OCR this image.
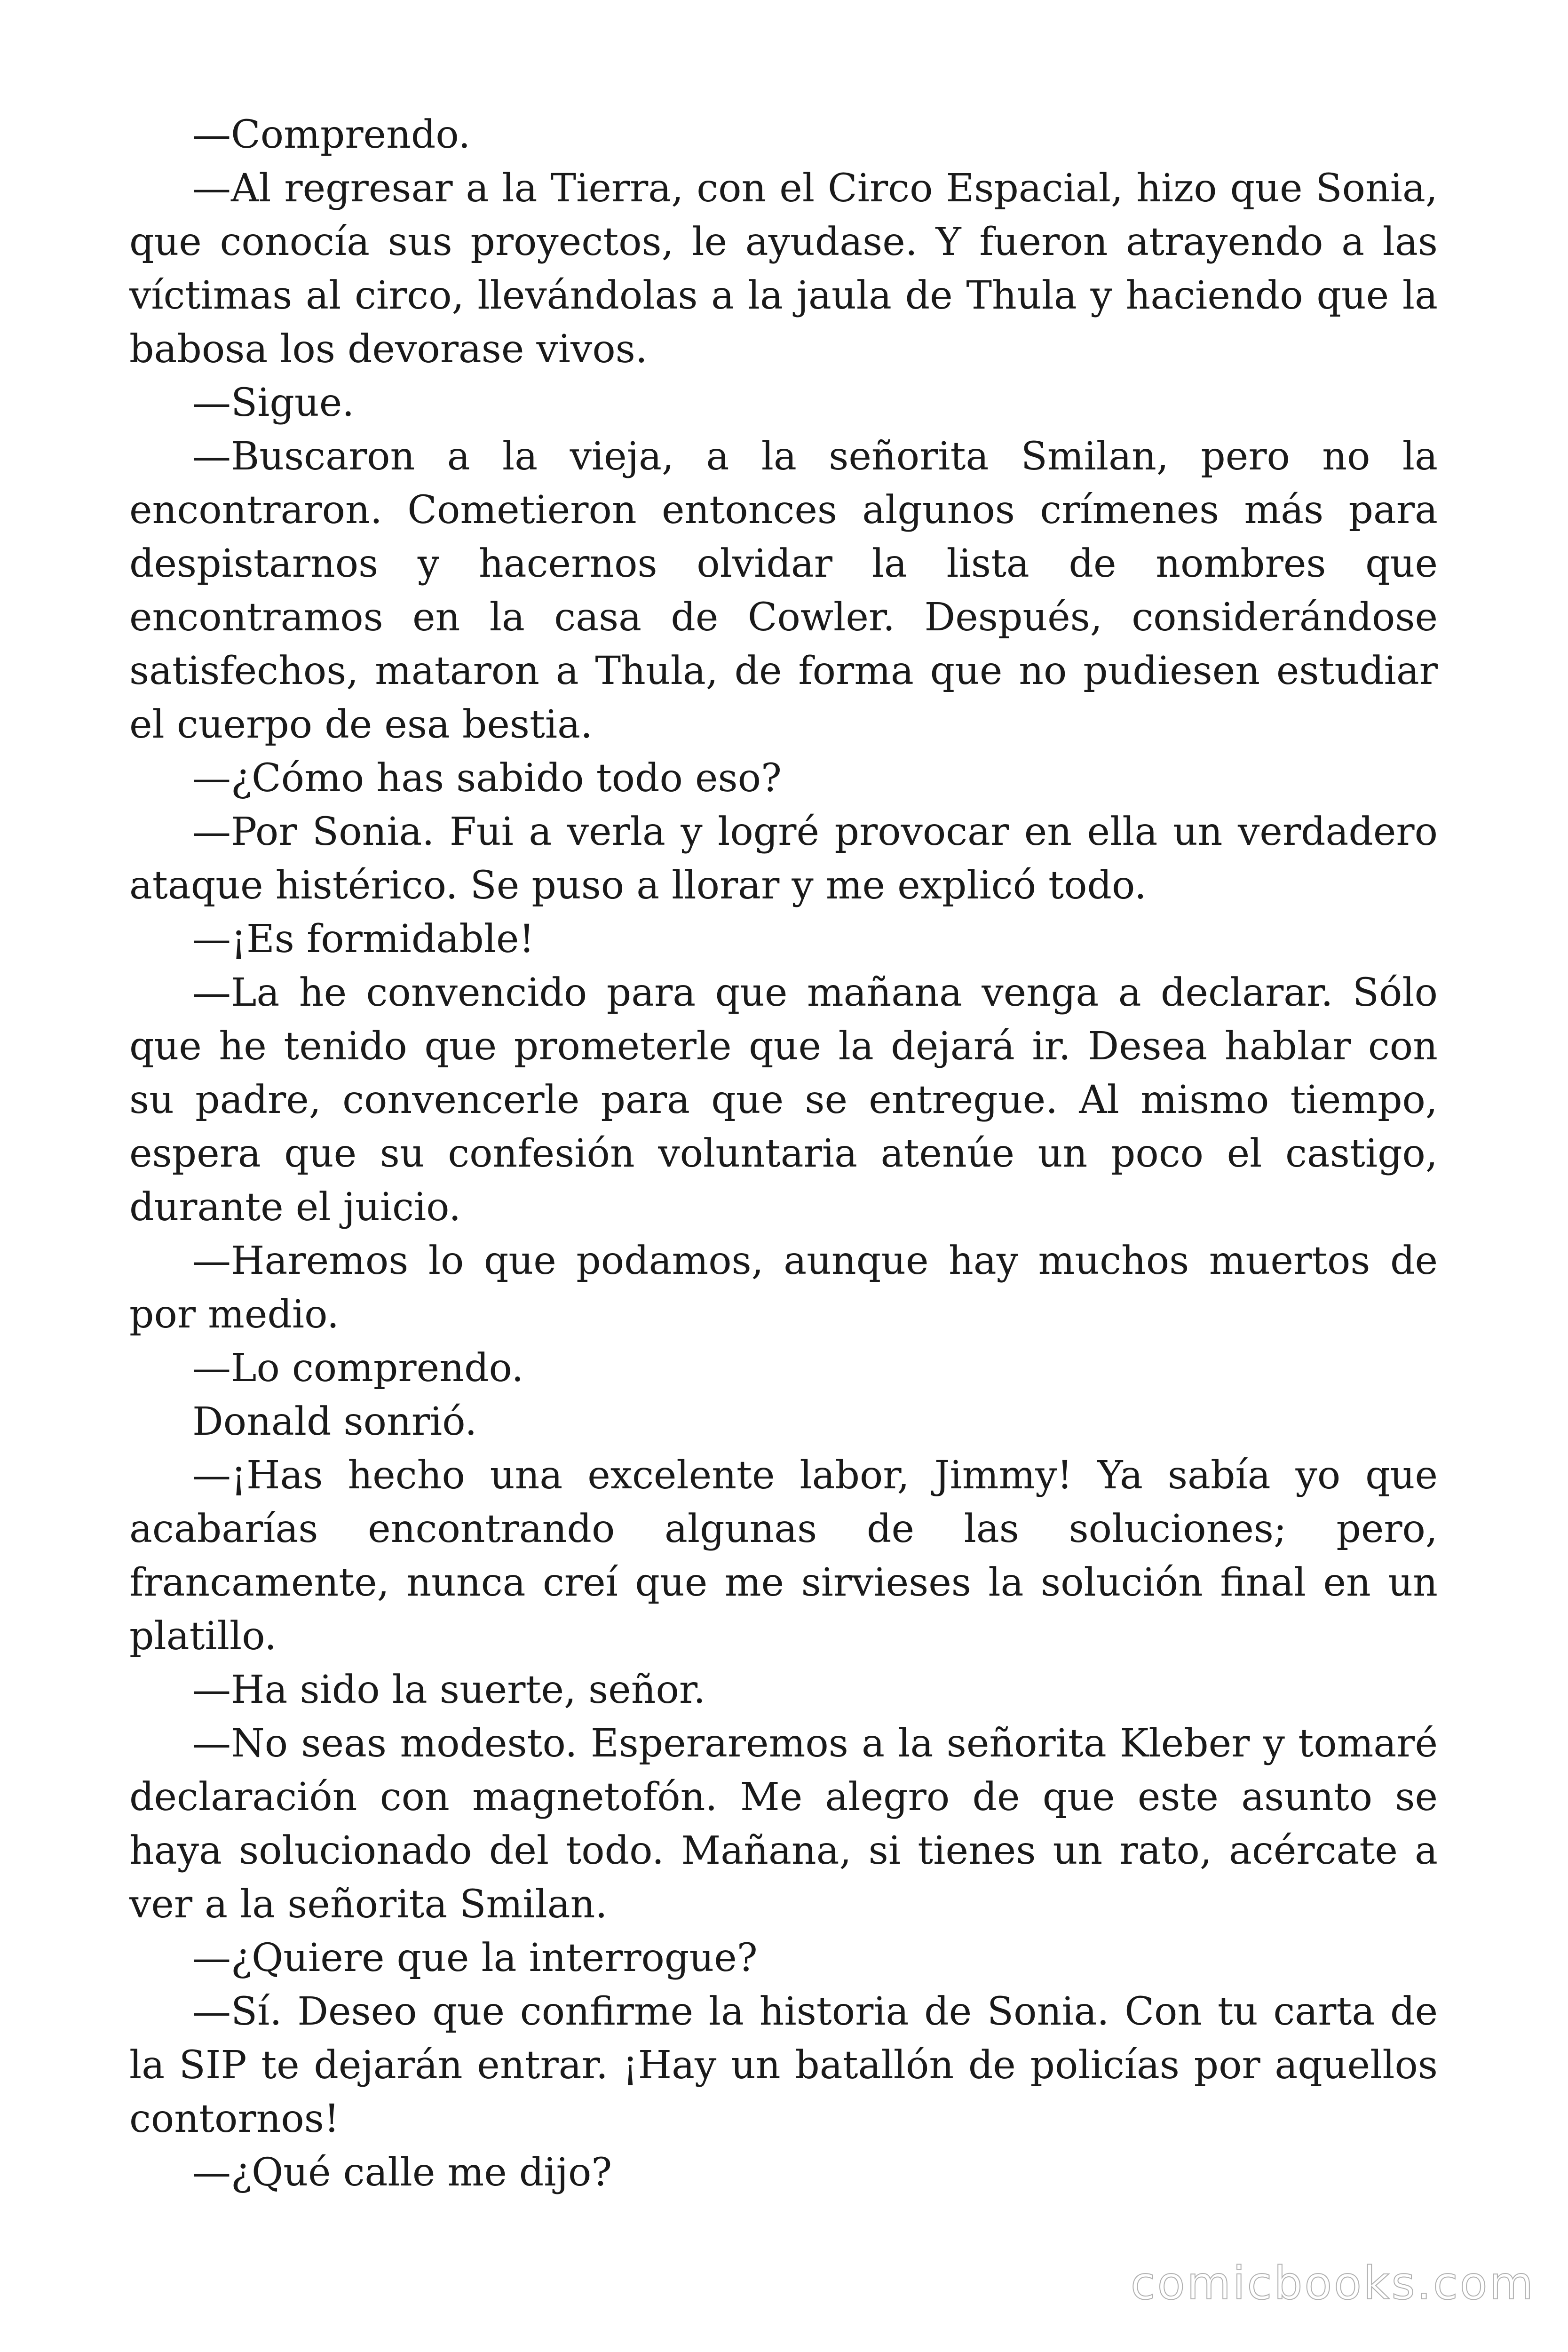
—Comprendo.

—Al regresar a la Tierra, con el Circo Espacial, hizo que Sonia, que conocía sus proyectos, le ayudase. Y fueron atrayendo a las víctimas al circo, llevándolas a la jaula de Thula y haciendo que la babosa los devorase vivos.

—Sigue.

—Buscaron a la vieja, a la señorita Smilan, pero no la encontraron. Cometieron entonces algunos crímenes más para despistarnos y hacernos olvidar la lista de nombres que encontramos en la casa de Cowler. Después, considerándose satisfechos, mataron a Thula, de forma que no pudiesen estudiar el cuerpo de esa bestia.

—¿Cómo has sabido todo eso?

—Por Sonia. Fui a verla y logré provocar en ella un verdadero ataque histérico. Se puso a llorar y me explicó todo.

—¡Es formidable!

—La he convencido para que mañana venga a declarar. Sólo que he tenido que prometerle que la dejará ir. Desea hablar con su padre, convencerle para que se entregue. Al mismo tiempo, espera que su confesión voluntaria atenúe un poco el castigo, durante el juicio.

—Haremos lo que podamos, aunque hay muchos muertos de por medio.

—Lo comprendo.

Donald sonrió.

—¡Has hecho una excelente labor, Jimmy! Ya sabía yo que acabarías encontrando algunas de las soluciones; pero, francamente, nunca creí que me sirvieses la solución final en un platillo.

—Ha sido la suerte, señor.

—No seas modesto. Esperaremos a la señorita Kleber y tomaré declaración con magnetofón. Me alegro de que este asunto se haya solucionado del todo. Mañana, si tienes un rato, acércate a ver a la señorita Smilan.

—¿Quiere que la interrogue?

—Sí. Deseo que confirme la historia de Sonia. Con tu carta de la SIP te dejarán entrar. ¡Hay un batallón de policías por aquellos contornos!

—¿Qué calle me dijo?

comicbooks.com
